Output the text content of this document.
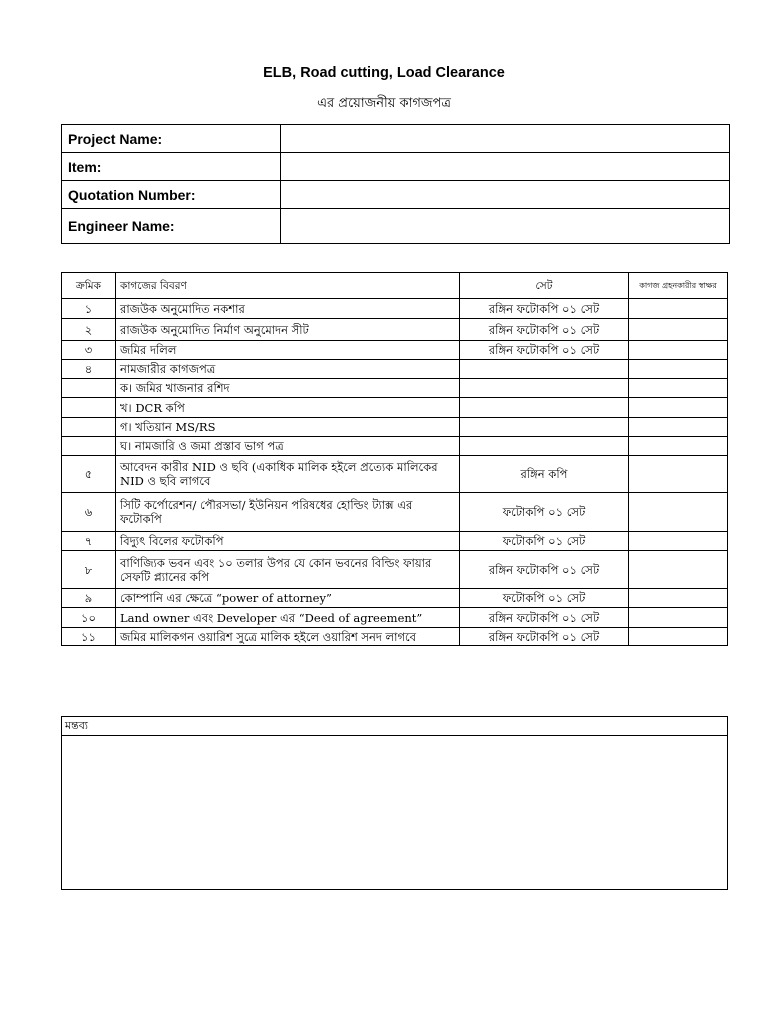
ELB, Road cutting, Load Clearance
এর প্রয়োজনীয় কাগজপত্র
Project Name:	
Item:	
Quotation Number:	
Engineer Name:	
ক্রমিক	কাগজের বিবরণ	সেট	কাগজ গ্রহনকারীর স্বাক্ষর
১	রাজউক অনুমোদিত নকশার	রঙ্গিন ফটোকপি ০১ সেট	
২	রাজউক অনুমোদিত নির্মাণ অনুমোদন সীট	রঙ্গিন ফটোকপি ০১ সেট	
৩	জমির দলিল	রঙ্গিন ফটোকপি ০১ সেট	
৪	নামজারীর কাগজপত্র		
	ক। জমির খাজনার রশিদ		
	খ। DCR কপি		
	গ। খতিয়ান MS/RS		
	ঘ। নামজারি ও জমা প্রস্তাব ভাগ পত্র		
৫	আবেদন কারীর NID ও ছবি (একাধিক মালিক হইলে প্রত্যেক মালিকের NID ও ছবি লাগবে	রঙ্গিন কপি	
৬	সিটি কর্পোরেশন/ পৌরসভা/ ইউনিয়ন পরিষধের হোল্ডিং ট্যাক্স এর ফটোকপি	ফটোকপি ০১ সেট	
৭	বিদ্যুৎ বিলের ফটোকপি	ফটোকপি ০১ সেট	
৮	বাণিজ্যিক ভবন এবং ১০ তলার উপর যে কোন ভবনের বিল্ডিং ফায়ার সেফটি প্ল্যানের কপি	রঙ্গিন ফটোকপি ০১ সেট	
৯	কোম্পানি এর ক্ষেত্রে “power of attorney”	ফটোকপি ০১ সেট	
১০	Land owner এবং Developer এর “Deed of agreement”	রঙ্গিন ফটোকপি ০১ সেট	
১১	জমির মালিকগন ওয়ারিশ সুত্রে মালিক হইলে ওয়ারিশ সনদ লাগবে	রঙ্গিন ফটোকপি ০১ সেট	
মন্তব্য
